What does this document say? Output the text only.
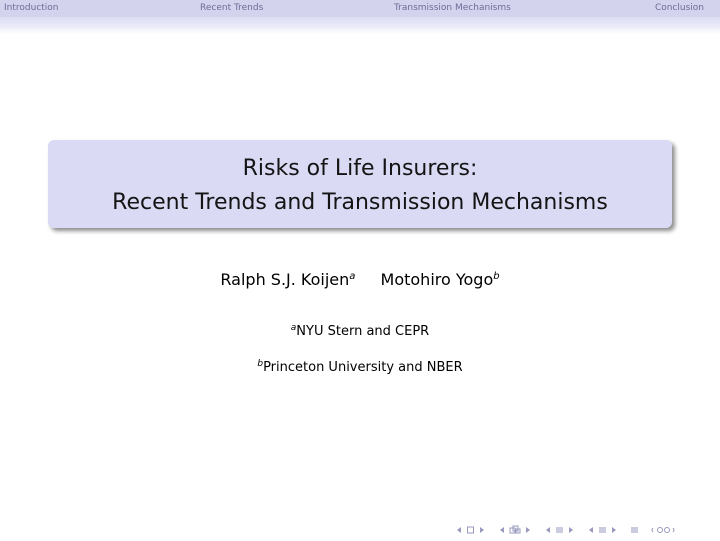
Introduction	Recent Trends	Transmission Mechanisms	Conclusion
Risks of Life Insurers:
Recent Trends and Transmission Mechanisms
Ralph S.J. Koijen$^a$ Motohiro Yogo$^b$
$^a$NYU Stern and CEPR
$^b$Princeton University and NBER
